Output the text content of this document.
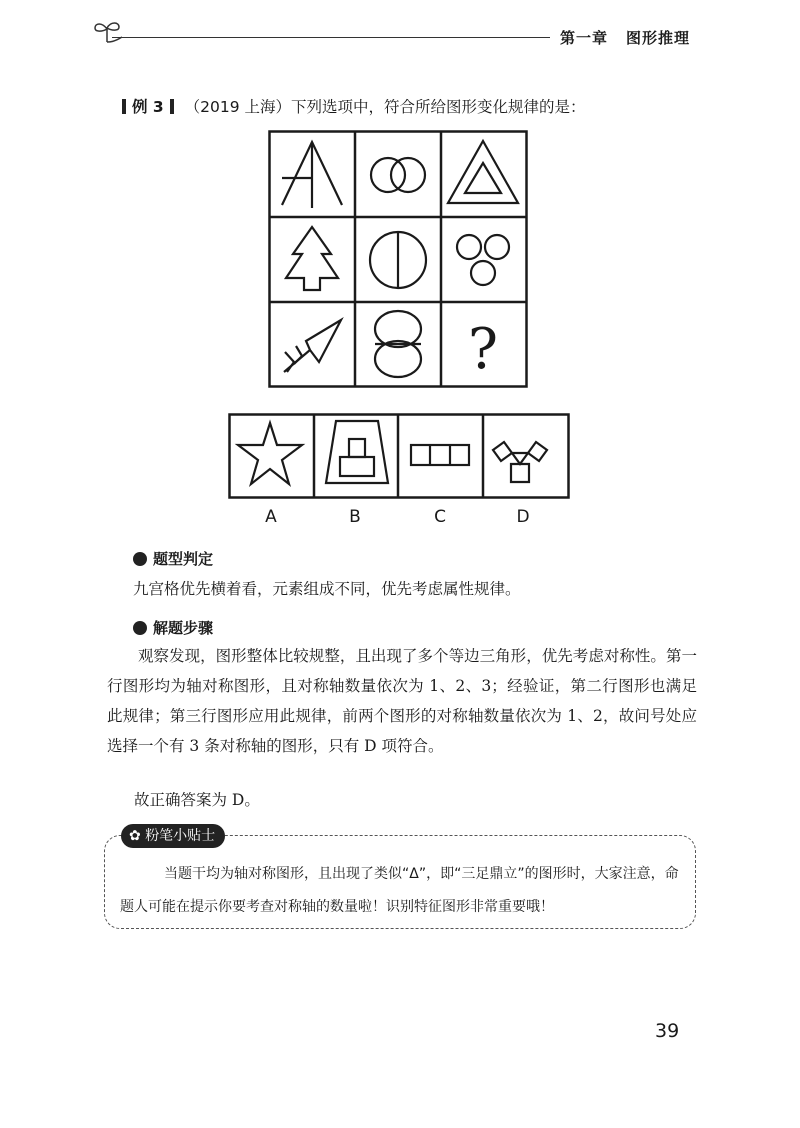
第一章 图形推理
例 3 （2019 上海）下列选项中，符合所给图形变化规律的是：
?
A	B	C	D
题型判定
九宫格优先横着看，元素组成不同，优先考虑属性规律。
解题步骤
观察发现，图形整体比较规整，且出现了多个等边三角形，优先考虑对称性。第一行图形均为轴对称图形，且对称轴数量依次为 1、2、3；经验证，第二行图形也满足此规律；第三行图形应用此规律，前两个图形的对称轴数量依次为 1、2，故问号处应选择一个有 3 条对称轴的图形，只有 D 项符合。
故正确答案为 D。
✿ 粉笔小贴士
当题干均为轴对称图形，且出现了类似“Δ”，即“三足鼎立”的图形时，大家注意，命题人可能在提示你要考查对称轴的数量啦！识别特征图形非常重要哦！
39
